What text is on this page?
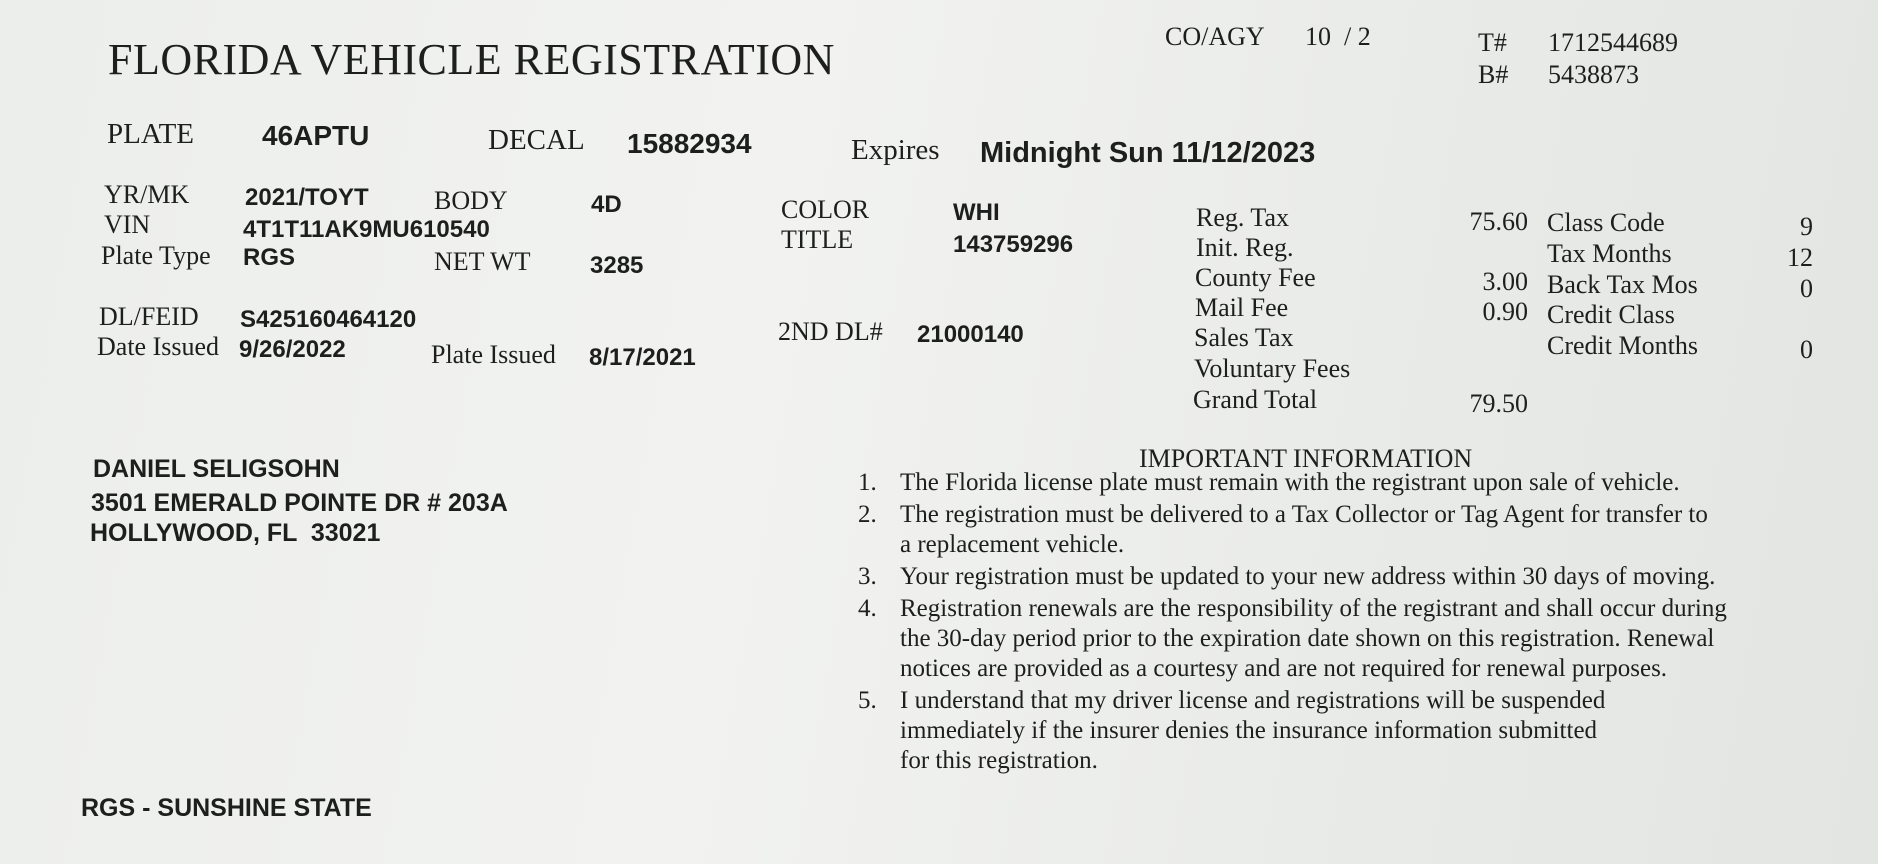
FLORIDA VEHICLE REGISTRATION	CO/AGY 10  / 2	T# 1712544689
B# 5438873
PLATE 46APTU	DECAL 15882934	Expires Midnight Sun 11/12/2023
YR/MK 2021/TOYT	BODY	4D
VIN	4T1T11AK9MU610540
Plate Type RGS	NET WT 3285
DL/FEID S425160464120
Date Issued 9/26/2022	Plate Issued 8/17/2021
COLOR	WHI
TITLE	143759296
2ND DL# 21000140
Reg. Tax	75.60
Init. Reg.
County Fee	3.00
Mail Fee	0.90
Sales Tax
Voluntary Fees
Grand Total	79.50
Class Code	9
Tax Months	12
Back Tax Mos	0
Credit Class
Credit Months	0
DANIEL SELIGSOHN
3501 EMERALD POINTE DR # 203A
HOLLYWOOD, FL  33021
IMPORTANT INFORMATION
1. The Florida license plate must remain with the registrant upon sale of vehicle.
2. The registration must be delivered to a Tax Collector or Tag Agent for transfer to
a replacement vehicle.
3. Your registration must be updated to your new address within 30 days of moving.
4. Registration renewals are the responsibility of the registrant and shall occur during
the 30-day period prior to the expiration date shown on this registration. Renewal
notices are provided as a courtesy and are not required for renewal purposes.
5. I understand that my driver license and registrations will be suspended
immediately if the insurer denies the insurance information submitted
for this registration.
RGS - SUNSHINE STATE
